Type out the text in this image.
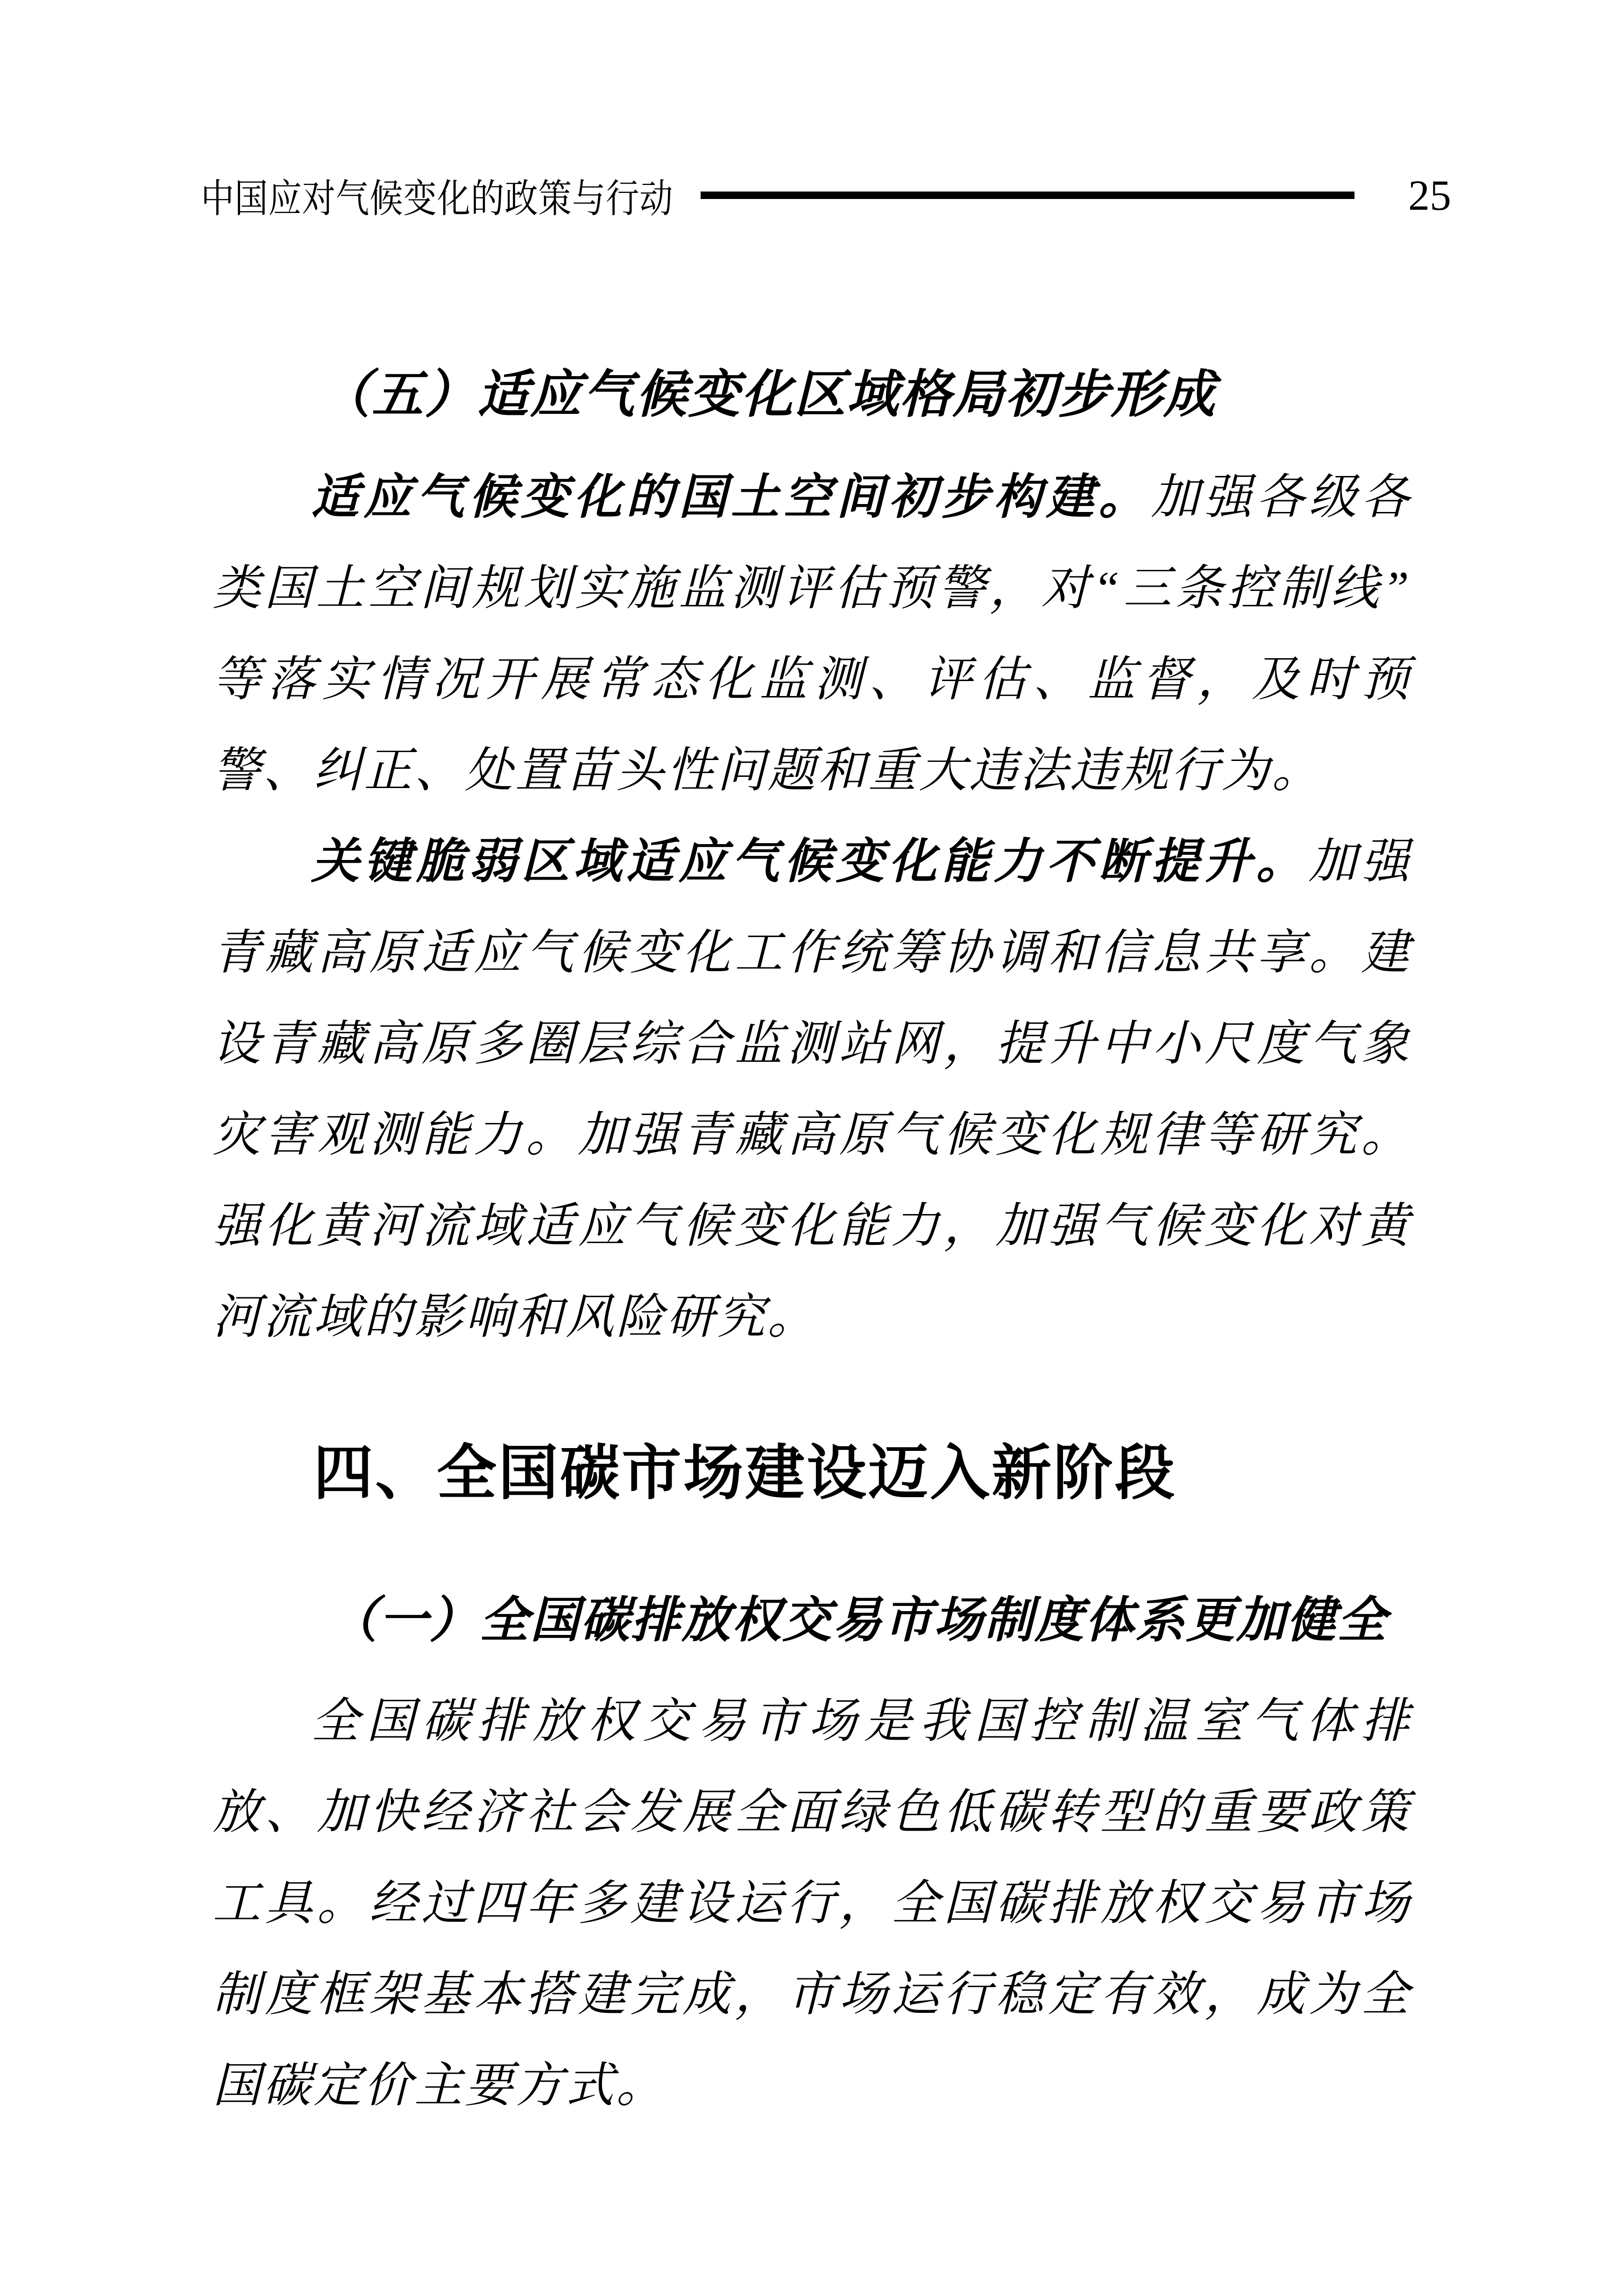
中国应对气候变化的政策与行动	25
（五）适应气候变化区域格局初步形成

适应气候变化的国土空间初步构建。加强各级各类国土空间规划实施监测评估预警，对“三条控制线”等落实情况开展常态化监测、评估、监督，及时预警、纠正、处置苗头性问题和重大违法违规行为。

关键脆弱区域适应气候变化能力不断提升。加强青藏高原适应气候变化工作统筹协调和信息共享。建设青藏高原多圈层综合监测站网，提升中小尺度气象灾害观测能力。加强青藏高原气候变化规律等研究。强化黄河流域适应气候变化能力，加强气候变化对黄河流域的影响和风险研究。

四、全国碳市场建设迈入新阶段
（一）全国碳排放权交易市场制度体系更加健全

全国碳排放权交易市场是我国控制温室气体排放、加快经济社会发展全面绿色低碳转型的重要政策工具。经过四年多建设运行，全国碳排放权交易市场制度框架基本搭建完成，市场运行稳定有效，成为全国碳定价主要方式。
